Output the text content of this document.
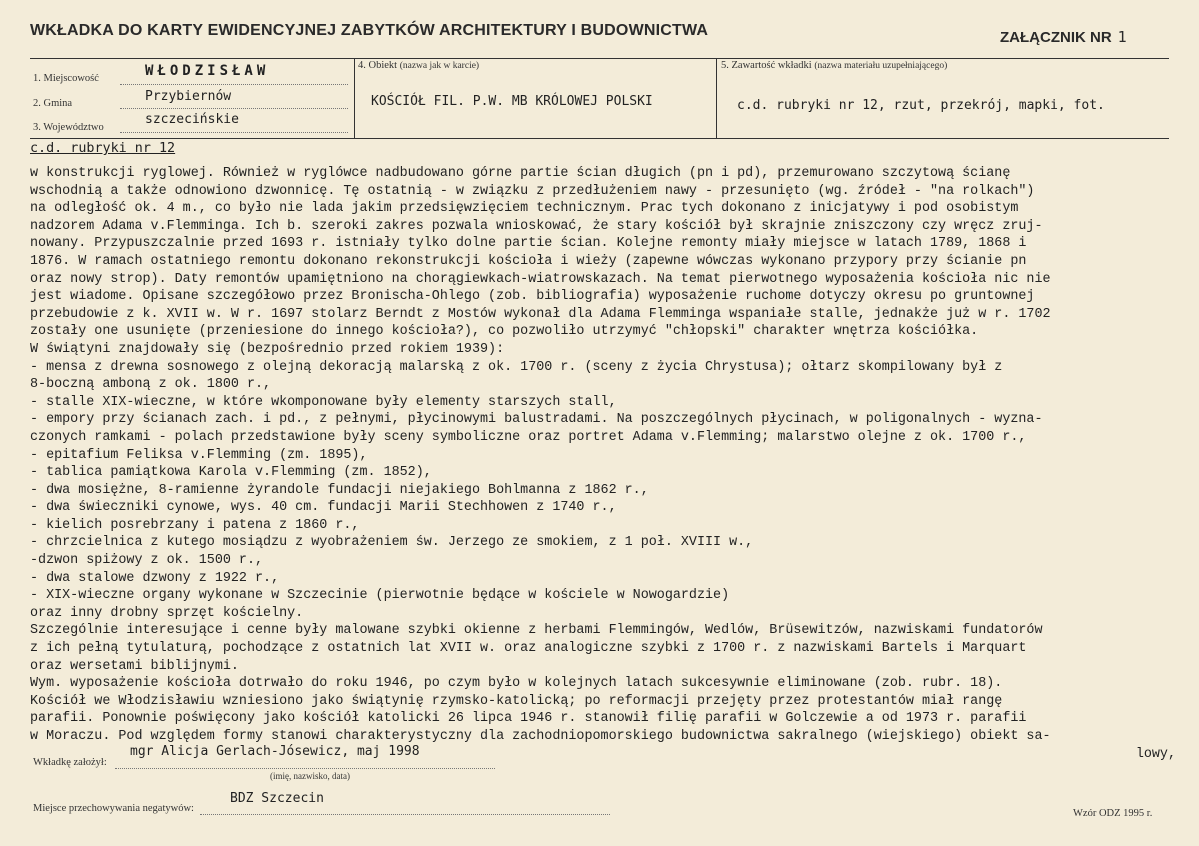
WKŁADKA DO KARTY EWIDENCYJNEJ ZABYTKÓW ARCHITEKTURY I BUDOWNICTWA	ZAŁĄCZNIK NR 1
1. Miejscowość	WŁODZISŁAW
2. Gmina	Przybiernów
3. Województwo
szczecińskie
4. Obiekt (nazwa jak w karcie)
KOŚCIÓŁ FIL. P.W. MB KRÓLOWEJ POLSKI
5. Zawartość wkładki (nazwa materiału uzupełniającego)
c.d. rubryki nr 12, rzut, przekrój, mapki, fot.
c.d. rubryki nr 12
w konstrukcji ryglowej. Również w ryglówce nadbudowano górne partie ścian długich (pn i pd), przemurowano szczytową ścianę
wschodnią a także odnowiono dzwonnicę. Tę ostatnią - w związku z przedłużeniem nawy - przesunięto (wg. źródeł - "na rolkach")
na odległość ok. 4 m., co było nie lada jakim przedsięwzięciem technicznym. Prac tych dokonano z inicjatywy i pod osobistym
nadzorem Adama v.Flemminga. Ich b. szeroki zakres pozwala wnioskować, że stary kościół był skrajnie zniszczony czy wręcz zruj-
nowany. Przypuszczalnie przed 1693 r. istniały tylko dolne partie ścian. Kolejne remonty miały miejsce w latach 1789, 1868 i
1876. W ramach ostatniego remontu dokonano rekonstrukcji kościoła i wieży (zapewne wówczas wykonano przypory przy ścianie pn
oraz nowy strop). Daty remontów upamiętniono na chorągiewkach-wiatrowskazach. Na temat pierwotnego wyposażenia kościoła nic nie
jest wiadome. Opisane szczegółowo przez Bronischa-Ohlego (zob. bibliografia) wyposażenie ruchome dotyczy okresu po gruntownej
przebudowie z k. XVII w. W r. 1697 stolarz Berndt z Mostów wykonał dla Adama Flemminga wspaniałe stalle, jednakże już w r. 1702
zostały one usunięte (przeniesione do innego kościoła?), co pozwoliło utrzymyć "chłopski" charakter wnętrza kościółka.
W świątyni znajdowały się (bezpośrednio przed rokiem 1939):
- mensa z drewna sosnowego z olejną dekoracją malarską z ok. 1700 r. (sceny z życia Chrystusa); ołtarz skompilowany był z
8-boczną amboną z ok. 1800 r.,
- stalle XIX-wieczne, w które wkomponowane były elementy starszych stall,
- empory przy ścianach zach. i pd., z pełnymi, płycinowymi balustradami. Na poszczególnych płycinach, w poligonalnych - wyzna-
czonych ramkami - polach przedstawione były sceny symboliczne oraz portret Adama v.Flemming; malarstwo olejne z ok. 1700 r.,
- epitafium Feliksa v.Flemming (zm. 1895),
- tablica pamiątkowa Karola v.Flemming (zm. 1852),
- dwa mosiężne, 8-ramienne żyrandole fundacji niejakiego Bohlmanna z 1862 r.,
- dwa świeczniki cynowe, wys. 40 cm. fundacji Marii Stechhowen z 1740 r.,
- kielich posrebrzany i patena z 1860 r.,
- chrzcielnica z kutego mosiądzu z wyobrażeniem św. Jerzego ze smokiem, z 1 poł. XVIII w.,
-dzwon spiżowy z ok. 1500 r.,
- dwa stalowe dzwony z 1922 r.,
- XIX-wieczne organy wykonane w Szczecinie (pierwotnie będące w kościele w Nowogardzie)
oraz inny drobny sprzęt kościelny.
Szczególnie interesujące i cenne były malowane szybki okienne z herbami Flemmingów, Wedlów, Brüsewitzów, nazwiskami fundatorów
z ich pełną tytulaturą, pochodzące z ostatnich lat XVII w. oraz analogiczne szybki z 1700 r. z nazwiskami Bartels i Marquart
oraz wersetami biblijnymi.
Wym. wyposażenie kościoła dotrwało do roku 1946, po czym było w kolejnych latach sukcesywnie eliminowane (zob. rubr. 18).
Kościół we Włodzisławiu wzniesiono jako świątynię rzymsko-katolicką; po reformacji przejęty przez protestantów miał rangę
parafii. Ponownie poświęcony jako kościół katolicki 26 lipca 1946 r. stanowił filię parafii w Golczewie a od 1973 r. parafii
w Moraczu. Pod względem formy stanowi charakterystyczny dla zachodniopomorskiego budownictwa sakralnego (wiejskiego) obiekt sa-
lowy,
Wkładkę założył:
mgr Alicja Gerlach-Jósewicz, maj 1998
(imię, nazwisko, data)
Miejsce przechowywania negatywów:
BDZ Szczecin
Wzór ODZ 1995 r.
